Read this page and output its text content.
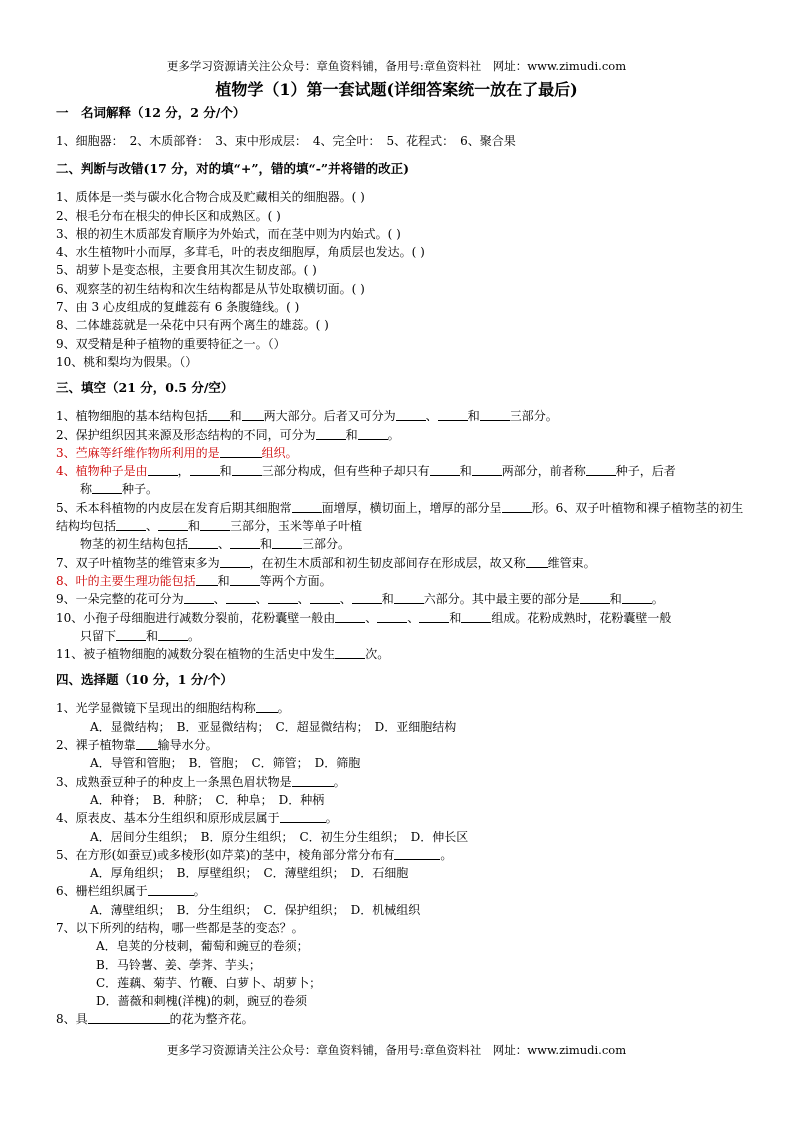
更多学习资源请关注公众号：章鱼资料铺，备用号:章鱼资料社　网址：www.zimudi.com
植物学（1）第一套试题(详细答案统一放在了最后)
一　名词解释（12 分，2 分/个）
1、细胞器：　2、木质部脊：　3、束中形成层：　4、完全叶：　5、花程式：　6、聚合果
二、判断与改错(17 分，对的填“+”，错的填“-”并将错的改正)
1、质体是一类与碳水化合物合成及贮藏相关的细胞器。( )
2、根毛分布在根尖的伸长区和成熟区。( )
3、根的初生木质部发育顺序为外始式，而在茎中则为内始式。( )
4、水生植物叶小而厚，多茸毛，叶的表皮细胞厚，角质层也发达。( )
5、胡萝卜是变态根，主要食用其次生韧皮部。( )
6、观察茎的初生结构和次生结构都是从节处取横切面。( )
7、由 3 心皮组成的复雌蕊有 6 条腹缝线。( )
8、二体雄蕊就是一朵花中只有两个离生的雄蕊。( )
9、双受精是种子植物的重要特征之一。（）
10、桃和梨均为假果。（）
三、填空（21 分，0.5 分/空）
1、植物细胞的基本结构包括 和 两大部分。后者又可分为	、	和	三部分。
2、保护组织因其来源及形态结构的不同，可分为	和	。
3、苎麻等纤维作物所利用的是	组织。
4、植物种子是由	，	和	三部分构成，但有些种子却只有	和	两部分，前者称	种子，后者
称	种子。
5、禾本科植物的内皮层在发育后期其细胞常	面增厚，横切面上，增厚的部分呈	形。6、双子叶植物和裸子植物茎的初生结构均包括	、	和	三部分，玉米等单子叶植
物茎的初生结构包括	、	和	三部分。
7、双子叶植物茎的维管束多为	，在初生木质部和初生韧皮部间存在形成层，故又称 维管束。
8、叶的主要生理功能包括 和	等两个方面。
9、一朵完整的花可分为	、	、	、	、	和	六部分。其中最主要的部分是	和	。
10、小孢子母细胞进行减数分裂前，花粉囊壁一般由	、	、	和	组成。花粉成熟时，花粉囊壁一般
只留下	和	。
11、被子植物细胞的减数分裂在植物的生活史中发生	次。
四、选择题（10 分，1 分/个）
1、光学显微镜下呈现出的细胞结构称 。
A．显微结构；　B．亚显微结构；　C．超显微结构；　D．亚细胞结构
2、裸子植物靠 输导水分。
A．导管和管胞；　B．管胞；　C．筛管；　D．筛胞
3、成熟蚕豆种子的种皮上一条黑色眉状物是	。
A．种脊；　B．种脐；　C．种阜；　D．种柄
4、原表皮、基本分生组织和原形成层属于	。
A．居间分生组织；　B．原分生组织；　C．初生分生组织；　D．伸长区
5、在方形(如蚕豆)或多棱形(如芹菜)的茎中，棱角部分常分布有	。
A．厚角组织；　B．厚壁组织；　C．薄壁组织；　D．石细胞
6、栅栏组织属于	。
A．薄壁组织；　B．分生组织；　C．保护组织；　D．机械组织
7、以下所列的结构，哪一些都是茎的变态？。
A．皂荚的分枝刺，葡萄和豌豆的卷须；
B．马铃薯、姜、荸荠、芋头；
C．莲藕、菊芋、竹鞭、白萝卜、胡萝卜；
D．蔷薇和刺槐(洋槐)的刺，豌豆的卷须
8、具	的花为整齐花。
更多学习资源请关注公众号：章鱼资料铺，备用号:章鱼资料社　网址：www.zimudi.com
